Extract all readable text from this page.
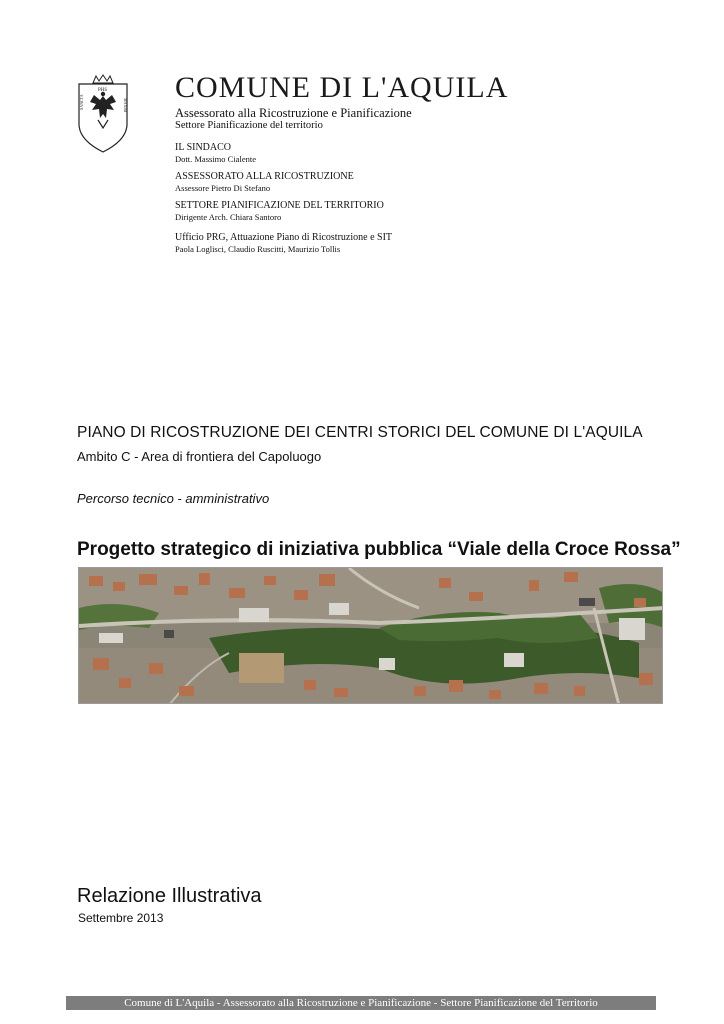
SANCTA
PHS
MAXIM
COMUNE DI L'AQUILA
Assessorato alla Ricostruzione e Pianificazione
Settore Pianificazione del territorio
IL SINDACO
Dott. Massimo Cialente
ASSESSORATO ALLA RICOSTRUZIONE
Assessore Pietro Di Stefano
SETTORE PIANIFICAZIONE DEL TERRITORIO
Dirigente Arch. Chiara Santoro
Ufficio PRG, Attuazione Piano di Ricostruzione e SIT
Paola Loglisci, Claudio Ruscitti, Maurizio Tollis
PIANO DI RICOSTRUZIONE DEI CENTRI STORICI DEL COMUNE DI L'AQUILA
Ambito C - Area di frontiera del Capoluogo
Percorso tecnico - amministrativo
Progetto strategico di iniziativa pubblica “Viale della Croce Rossa”
Relazione Illustrativa
Settembre 2013
Comune di L'Aquila - Assessorato alla Ricostruzione e Pianificazione - Settore Pianificazione del Territorio
